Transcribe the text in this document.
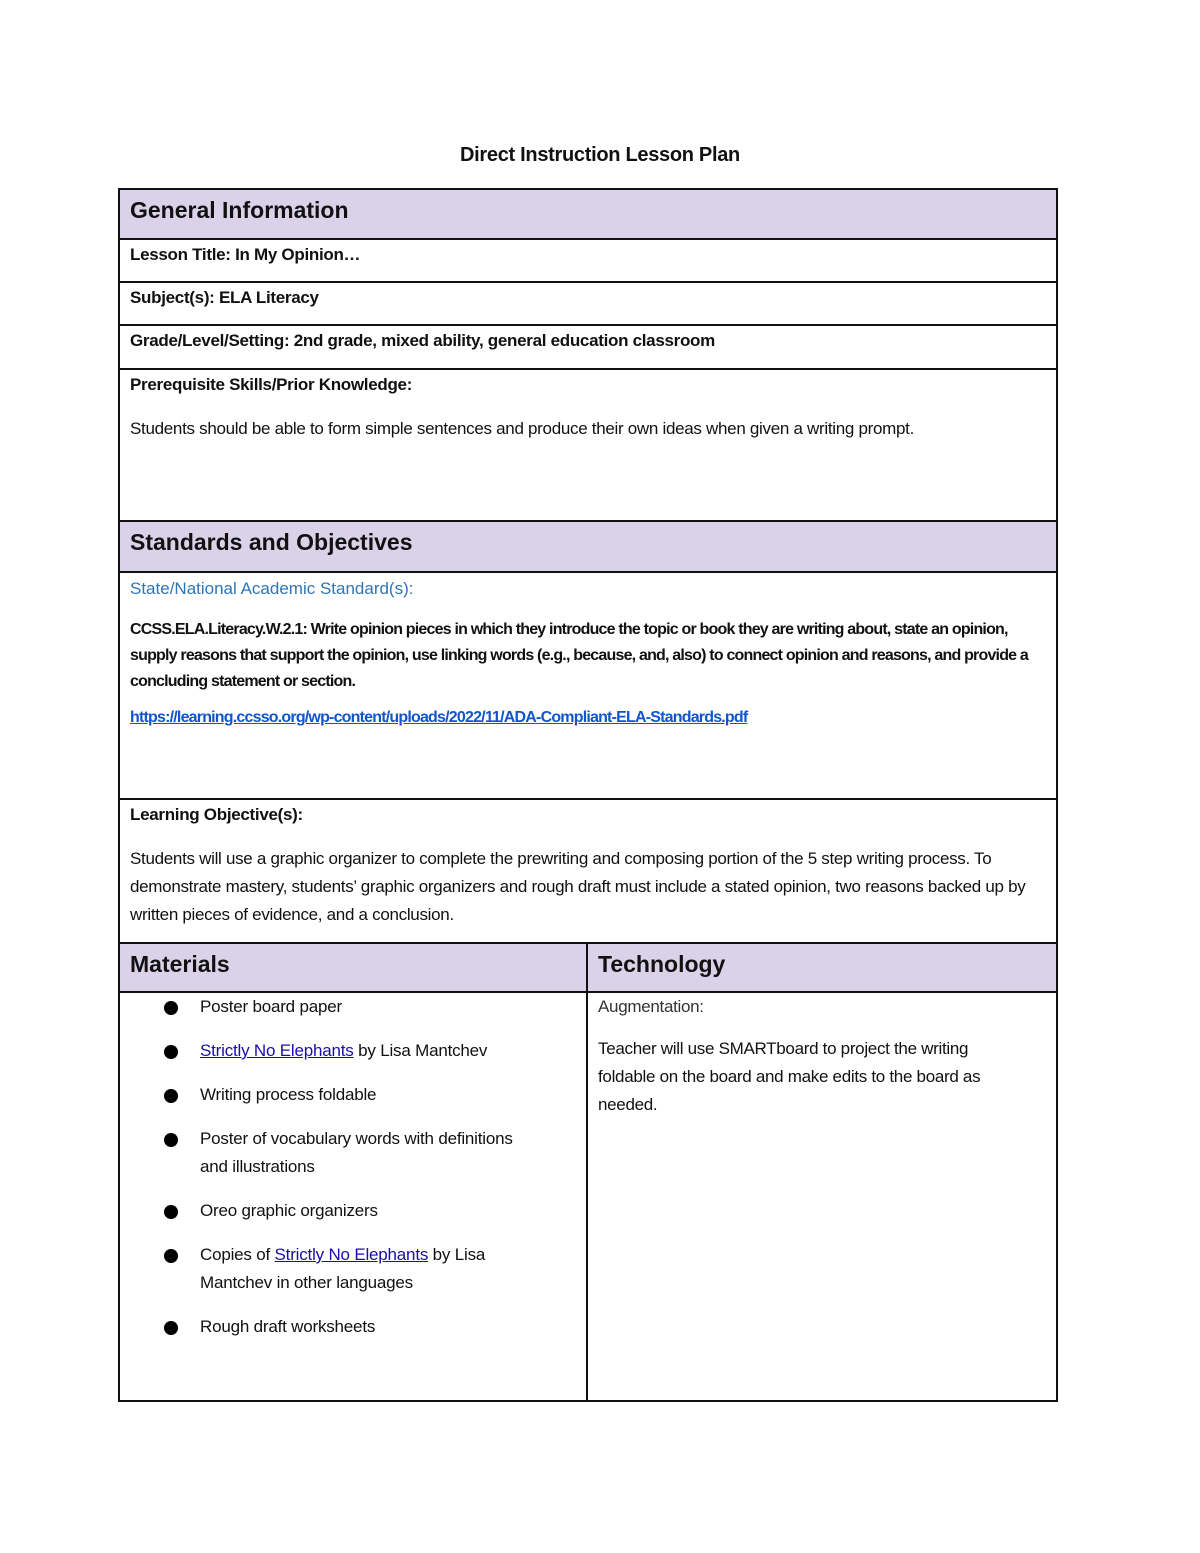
Direct Instruction Lesson Plan
General Information
Lesson Title: In My Opinion…
Subject(s): ELA Literacy
Grade/Level/Setting: 2nd grade, mixed ability, general education classroom
Prerequisite Skills/Prior Knowledge:
Students should be able to form simple sentences and produce their own ideas when given a writing prompt.
Standards and Objectives
State/National Academic Standard(s):
CCSS.ELA.Literacy.W.2.1: Write opinion pieces in which they introduce the topic or book they are writing about, state an opinion, supply reasons that support the opinion, use linking words (e.g., because, and, also) to connect opinion and reasons, and provide a concluding statement or section.
https://learning.ccsso.org/wp-content/uploads/2022/11/ADA-Compliant-ELA-Standards.pdf
Learning Objective(s):
Students will use a graphic organizer to complete the prewriting and composing portion of the 5 step writing process. To demonstrate mastery, students’ graphic organizers and rough draft must include a stated opinion, two reasons backed up by written pieces of evidence, and a conclusion.
Materials	Technology
Poster board paper
Strictly No Elephants by Lisa Mantchev
Writing process foldable
Poster of vocabulary words with definitions and illustrations
Oreo graphic organizers
Copies of Strictly No Elephants by Lisa Mantchev in other languages
Rough draft worksheets
Augmentation:
Teacher will use SMARTboard to project the writing foldable on the board and make edits to the board as needed.
